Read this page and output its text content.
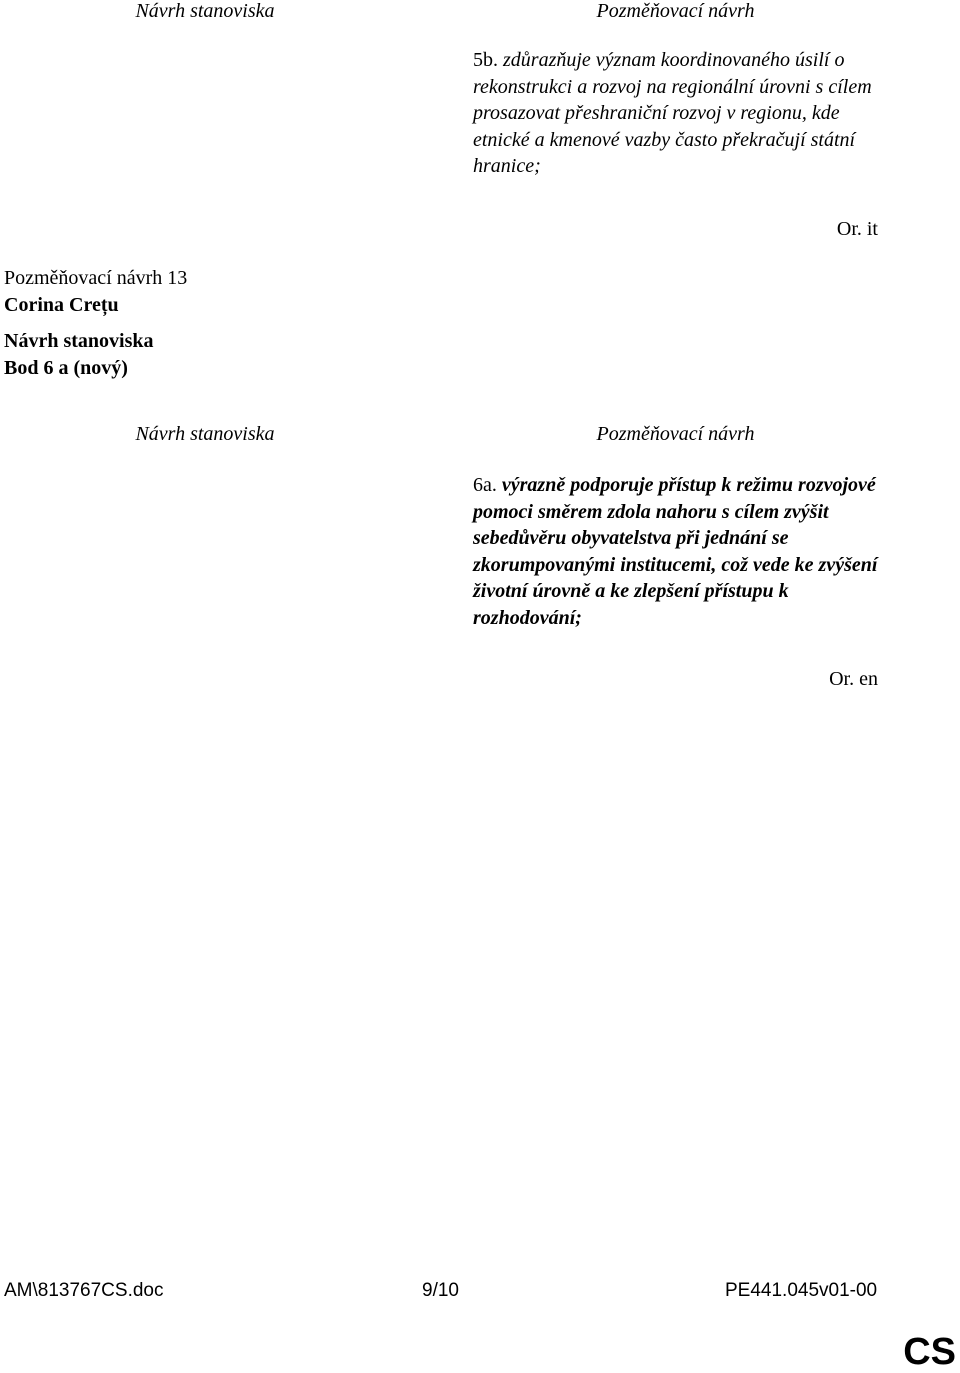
Návrh stanoviska	Pozměňovací návrh
5b. zdůrazňuje význam koordinovaného úsilí o rekonstrukci a rozvoj na regionální úrovni s cílem prosazovat přeshraniční rozvoj v regionu, kde etnické a kmenové vazby často překračují státní hranice;
Or. it
Pozměňovací návrh 13
Corina Crețu
Návrh stanoviska
Bod 6 a (nový)
Návrh stanoviska	Pozměňovací návrh
6a. výrazně podporuje přístup k režimu rozvojové pomoci směrem zdola nahoru s cílem zvýšit sebedůvěru obyvatelstva při jednání se zkorumpovanými institucemi, což vede ke zvýšení životní úrovně a ke zlepšení přístupu k rozhodování;
Or. en
AM\813767CS.doc	9/10	PE441.045v01-00
CS
